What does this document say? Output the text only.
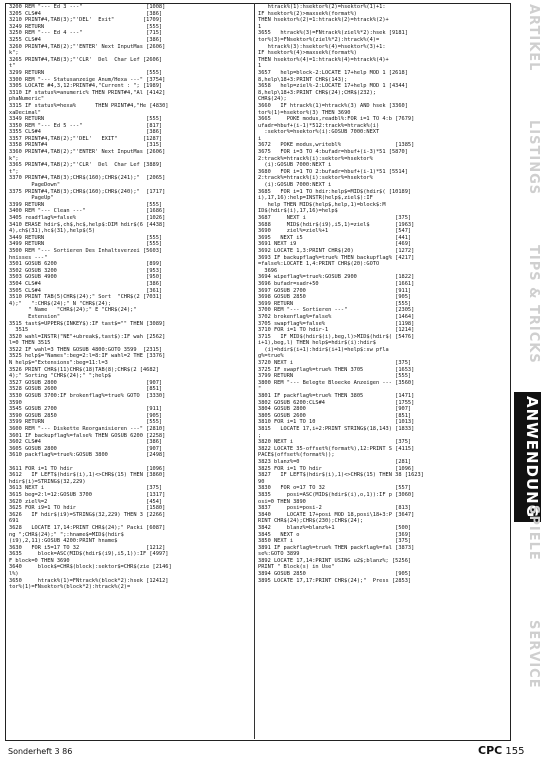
3200 REM "--- Ed 3 ---"                    [1008]
3205 CLS#4                                 [386]
3210 PRINT#4,TAB(3);"'DEL'  Exit"         [1709]
3249 RETURN                                [555]
3250 REM "--- Ed 4 ---"                    [715]
3255 CLS#4                                 [386]
3260 PRINT#4,TAB(2);"'ENTER' Next InputMas [2606]
k";
3265 PRINT#4,TAB(3);"'CLR'  Del  Char Lef [2606]
t"
3299 RETURN                                [555]
3300 REM "--- Statusanzeige Anum/Hexa ---" [3754]
3305 LOCATE #4,3,12:PRINT#4,"Current : "; [1989]
3310 IF status%=anumeric% THEN PRINT#4,"Al [4142]
phaNumeric"
3315 IF status%=hexa%      THEN PRINT#4,"He [4830]
xaDecimal"
3349 RETURN                                [555]
3350 REM "--- Ed 5 ---"                    [817]
3355 CLS#4                                 [386]
3357 PRINT#4,TAB(2);"'DEL'   EXIT"        [1287]
3358 PRINT#4                               [315]
3360 PRINT#4,TAB(2);"'ENTER' Next InputMas [2606]
k";
3365 PRINT#4,TAB(2);"'CLR'  Del  Char Lef [3889]
t";
3370 PRINT#4,TAB(3);CHR$(160);CHR$(241);"  [2065]
PageDown"
3375 PRINT#4,TAB(3);CHR$(160);CHR$(240);"  [1717]
PageUp"
3399 RETURN                                [555]
3400 REM "--- Clean ---"                   [1686]
3405 readflag%=false%                      [1026]
3410 ERASE hdir$,ch$,hc$,help$:DIM hdir$(6 [4438]
4),ch$(31),hc$(31),help$(5)
3449 RETURN                                [555]
3499 RETURN                                [555]
3500 REM "--- Sortieren Des Inhaltsverzei [5603]
hnisses ---"
3501 GOSUB 6200                            [899]
3502 GOSUB 3200                            [953]
3503 GOSUB 4900                            [950]
3504 CLS#4                                 [386]
3505 CLS#4                                 [361]
3510 PRINT TAB(5)CHR$(24);" Sort  "CHR$(2 [7031]
4);"   ":CHR$(24);" N "CHR$(24);
" Name   "CHR$(24);" E "CHR$(24);"
Extension"
3515 tast$=UPPER$(INKEY$):IF tast$="" THEN [3089]
3515
3520 wahl=INSTR("NE"+ubreak$,tast$):IF wah [2562]
l=0 THEN 3515
3522 IF wahl=3 THEN GOSUB 4800:GOTO 3599  [2315]
3525 help$="Names":beg=2:l=8:IF wahl=2 THE [3376]
N help$="Extensions":beg=11:l=3
3526 PRINT CHR$(11)CHR$(18)TAB(8);CHR$(2 [4682]
4);" Sorting "CHR$(24);" ";help$
3527 GOSUB 2800                            [907]
3528 GOSUB 2600                            [851]
3530 GOSUB 3700:IF brokenflag%=true% GOTO  [3330]
3590
3545 GOSUB 2700                            [911]
3590 GOSUB 2850                            [905]
3599 RETURN                                [555]
3600 REM "--- Diskette Reorganisieren ---" [2810]
3601 IF backupflag%=false% THEN GOSUB 6200 [2258]
3602 CLS#4                                 [386]
3605 GOSUB 2800                            [907]
3610 packflag%=true%:GOSUB 3800            [2498]
3611 FOR i=1 TO hdir                       [1096]
3612   IF LEFT$(hdir$(i),1)<>CHR$(15) THEN [3860]
hdir$(i)=STRING$(32,229)
3613 NEXT i                                [375]
3615 beg=2:l=12:GOSUB 3700                 [1317]
3620 ziel%=2                               [454]
3625 FOR i9=1 TO hdir                      [1580]
3626   IF hdir$(i9)=STRING$(32,229) THEN 3 [2266]
691
3628   LOCATE 17,14:PRINT CHR$(24);" Packi [6087]
ng ";CHR$(24);" ";:hname$=MID$(hdir$
(i9),2,11):GOSUB 4200:PRINT hname$
3630   FOR i5=17 TO 32                     [1212]
3635     block=ASC(MID$(hdir$(i9),i5,1)):IF [4997]
F block=0 THEN 3690
3640     block$=CHR$(block):sektor$=CHR$(zie [2146]
l%)
3650     htrack%(1)=FNtrack%(block*2):hsek [12412]
tor%(1)=FNsektor%(block*2):htrack%(2)=
htrack%(1):hsektor%(2)=hsektor%(1)+1:
IF hsektor%(2)>maxsek%(format%)
THEN hsektor%(2)=1:htrack%(2)=htrack%(2)+
1
3655   htrack%(3)=FNtrack%(ziel%*2):hsek [9181]
tor%(3)=FNsektor%(ziel%*2):htrack%(4)=
htrack%(3):hsektor%(4)=hsektor%(3)+1:
IF hsektor%(4)>maxsek%(format%)
THEN hsektor%(4)=1:htrack%(4)=htrack%(4)+
1
3657   help=block-2:LOCATE 17+help MOD 1 [2618]
8,help\18+3:PRINT CHR$(143);
3658   help=ziel%-2:LOCATE 17+help MOD 1 [4344]
8,help\18+3:PRINT CHR$(24);CHR$(232);
CHR$(24);
3660   IF htrack%(1)=htrack%(3) AND hsek [3360]
tor%(1)=hsektor%(3) THEN 3690
3665     POKE modus,readbl%:FOR i=1 TO 4:b [7679]
ufadr=hbuf+(i-1)*512:track%=htrack%(i)
:sektor%=hsektor%(i):GOSUB 7000:NEXT
i
3672   POKE modus,writebl%                 [1385]
3675   FOR i=3 TO 4:bufadr=hbuf+(i-3)*51 [5870]
2:track%=htrack%(i):sektor%=hsektor%
(i):GOSUB 7000:NEXT i
3680   FOR i=1 TO 2:bufadr=hbuf+(i-1)*51 [5514]
2:track%=htrack%(i):sektor%=hsektor%
(i):GOSUB 7000:NEXT i
3685   FOR i=1 TO hdir:help$=MID$(hdir$( [10189]
i),17,16):help=INSTR(help$,ziel$):IF
help THEN MID$(help$,help,1)=block$:M
ID$(hdir$(i),17,16)=help$
3687     NEXT i                            [375]
3688     MID$(hdir$(i9),i5,1)=ziel$        [1963]
3690     ziel%=ziel%+1                     [547]
3695   NEXT i5                             [441]
3691 NEXT i9                               [469]
3692 LOCATE 1,3:PRINT CHR$(20)             [1272]
3693 IF backupflag%=true% THEN backupflag% [4217]
=false%:LOCATE 1,4:PRINT CHR$(20):GOTO
3696
3694 wipeflag%=true%:GOSUB 2900            [1822]
3696 bufadr=sadr+50                        [1661]
3697 GOSUB 2700                            [911]
3698 GOSUB 2850                            [905]
3699 RETURN                                [555]
3700 REM "--- Sortieren ---"               [2305]
3702 brokenflag%=false%                    [1464]
3705 swapflag%=false%                      [1198]
3710 FOR i=1 TO hdir-1                     [1214]
3715   IF MID$(hdir$(i),beg,l)>MID$(hdir$( [5476]
i+1),beg,l) THEN help$=hdir$(i):hdir$
(i)=hdir$(i+1):hdir$(i+1)=help$:sw pfla
g%=true%
3720 NEXT i                                [375]
3725 IF swapflag%=true% THEN 3705          [1653]
3799 RETURN                                [555]
3800 REM "--- Belegte Bloecke Anzeigen --- [3560]
"
3801 IF packflag%=true% THEN 3805          [1471]
3802 GOSUB 6200:CLS#4                      [1755]
3804 GOSUB 2800                            [907]
3805 GOSUB 2600                            [851]
3810 FOR i=1 TO 10                         [1013]
3815   LOCATE 17,i+2:PRINT STRING$(18,143) [1833]
;
3820 NEXT i                                [375]
3822 LOCATE 35-offset%(format%),12:PRINT S [4115]
PACE$(offset%(format%));
3823 blanz%=0                              [281]
3825 FOR i=1 TO hdir                       [1096]
3827   IF LEFT$(hdir$(i),1)<>CHR$(15) THEN 38 [1623]
90
3830   FOR o=17 TO 32                      [557]
3835     posi=ASC(MID$(hdir$(i),o,1)):IF p [3060]
osi=0 THEN 3890
3837     posi=posi-2                       [813]
3840     LOCATE 17+posi MOD 18,posi\18+3:P [3647]
RINT CHR$(24);CHR$(230);CHR$(24);
3842     blanz%=blanz%+1                   [500]
3845   NEXT o                              [369]
3850 NEXT i                                [375]
3891 IF packflag%=true% THEN packflag%=fal [3873]
se%:GOTO 3899
3892 LOCATE 17,14:PRINT USING u2$;blanz%; [5256]
PRINT " Block(s) in Use"
3894 GOSUB 2850                            [905]
3895 LOCATE 17,17:PRINT CHR$(24);"  Press [2853]
ARTIKEL
LISTINGS
TIPS & TRICKS
ANWENDUNG
SPIELE
SERVICE
Sonderheft 3 86	CPC 155
